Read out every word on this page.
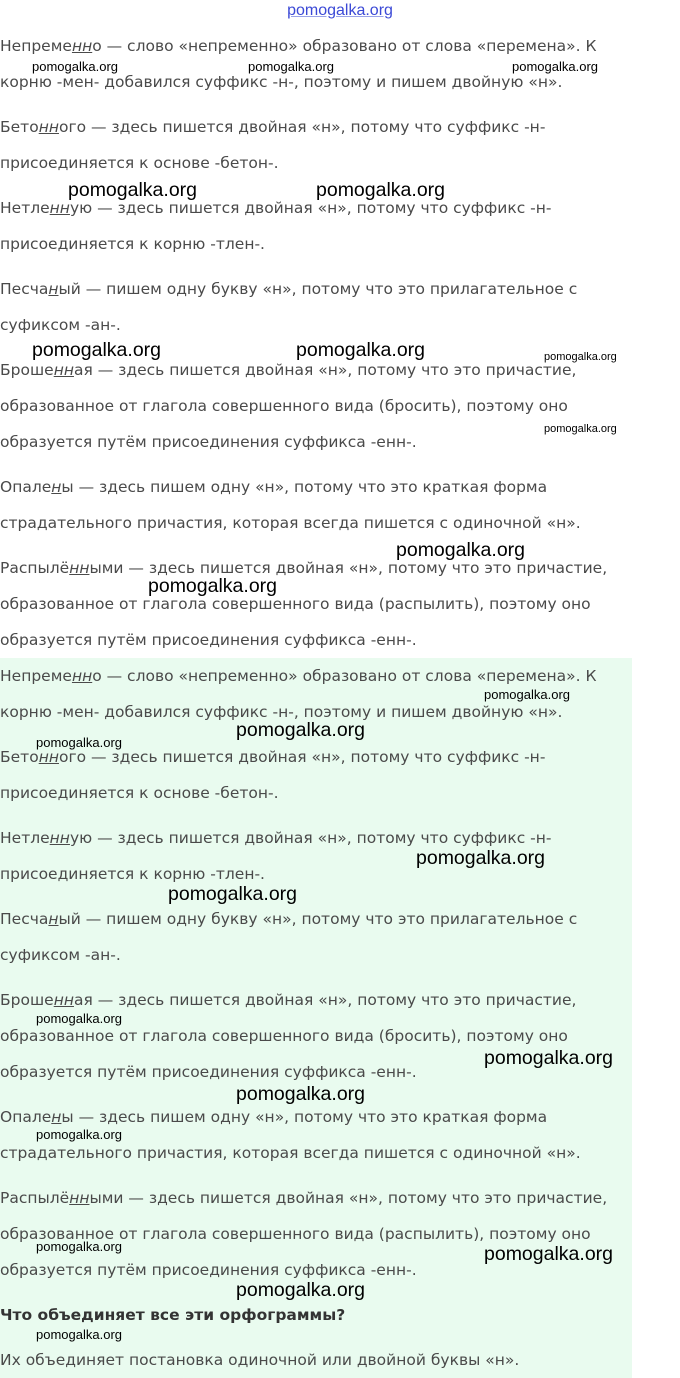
pomogalka.org
Непременно — слово «непременно» образовано от слова «перемена». К
корню -мен- добавился суффикс -н-, поэтому и пишем двойную «н».
Бетонного — здесь пишется двойная «н», потому что суффикс -н-
присоединяется к основе -бетон-.
Нетленную — здесь пишется двойная «н», потому что суффикс -н-
присоединяется к корню -тлен-.
Песчаный — пишем одну букву «н», потому что это прилагательное с
суфиксом -ан-.
Брошенная — здесь пишется двойная «н», потому что это причастие,
образованное от глагола совершенного вида (бросить), поэтому оно
образуется путём присоединения суффикса -енн-.
Опалены — здесь пишем одну «н», потому что это краткая форма
страдательного причастия, которая всегда пишется с одиночной «н».
Распылёнными — здесь пишется двойная «н», потому что это причастие,
образованное от глагола совершенного вида (распылить), поэтому оно
образуется путём присоединения суффикса -енн-.
Непременно — слово «непременно» образовано от слова «перемена». К
корню -мен- добавился суффикс -н-, поэтому и пишем двойную «н».
Бетонного — здесь пишется двойная «н», потому что суффикс -н-
присоединяется к основе -бетон-.
Нетленную — здесь пишется двойная «н», потому что суффикс -н-
присоединяется к корню -тлен-.
Песчаный — пишем одну букву «н», потому что это прилагательное с
суфиксом -ан-.
Брошенная — здесь пишется двойная «н», потому что это причастие,
образованное от глагола совершенного вида (бросить), поэтому оно
образуется путём присоединения суффикса -енн-.
Опалены — здесь пишем одну «н», потому что это краткая форма
страдательного причастия, которая всегда пишется с одиночной «н».
Распылёнными — здесь пишется двойная «н», потому что это причастие,
образованное от глагола совершенного вида (распылить), поэтому оно
образуется путём присоединения суффикса -енн-.
Что объединяет все эти орфограммы?
Их объединяет постановка одиночной или двойной буквы «н».
pomogalka.org	pomogalka.org	pomogalka.org
pomogalka.org	pomogalka.org
pomogalka.org	pomogalka.org	pomogalka.org
pomogalka.org
pomogalka.org
pomogalka.org
pomogalka.org
pomogalka.org
pomogalka.org
pomogalka.org
pomogalka.org
pomogalka.org
pomogalka.org
pomogalka.org
pomogalka.org
pomogalka.org	pomogalka.org
pomogalka.org
pomogalka.org
